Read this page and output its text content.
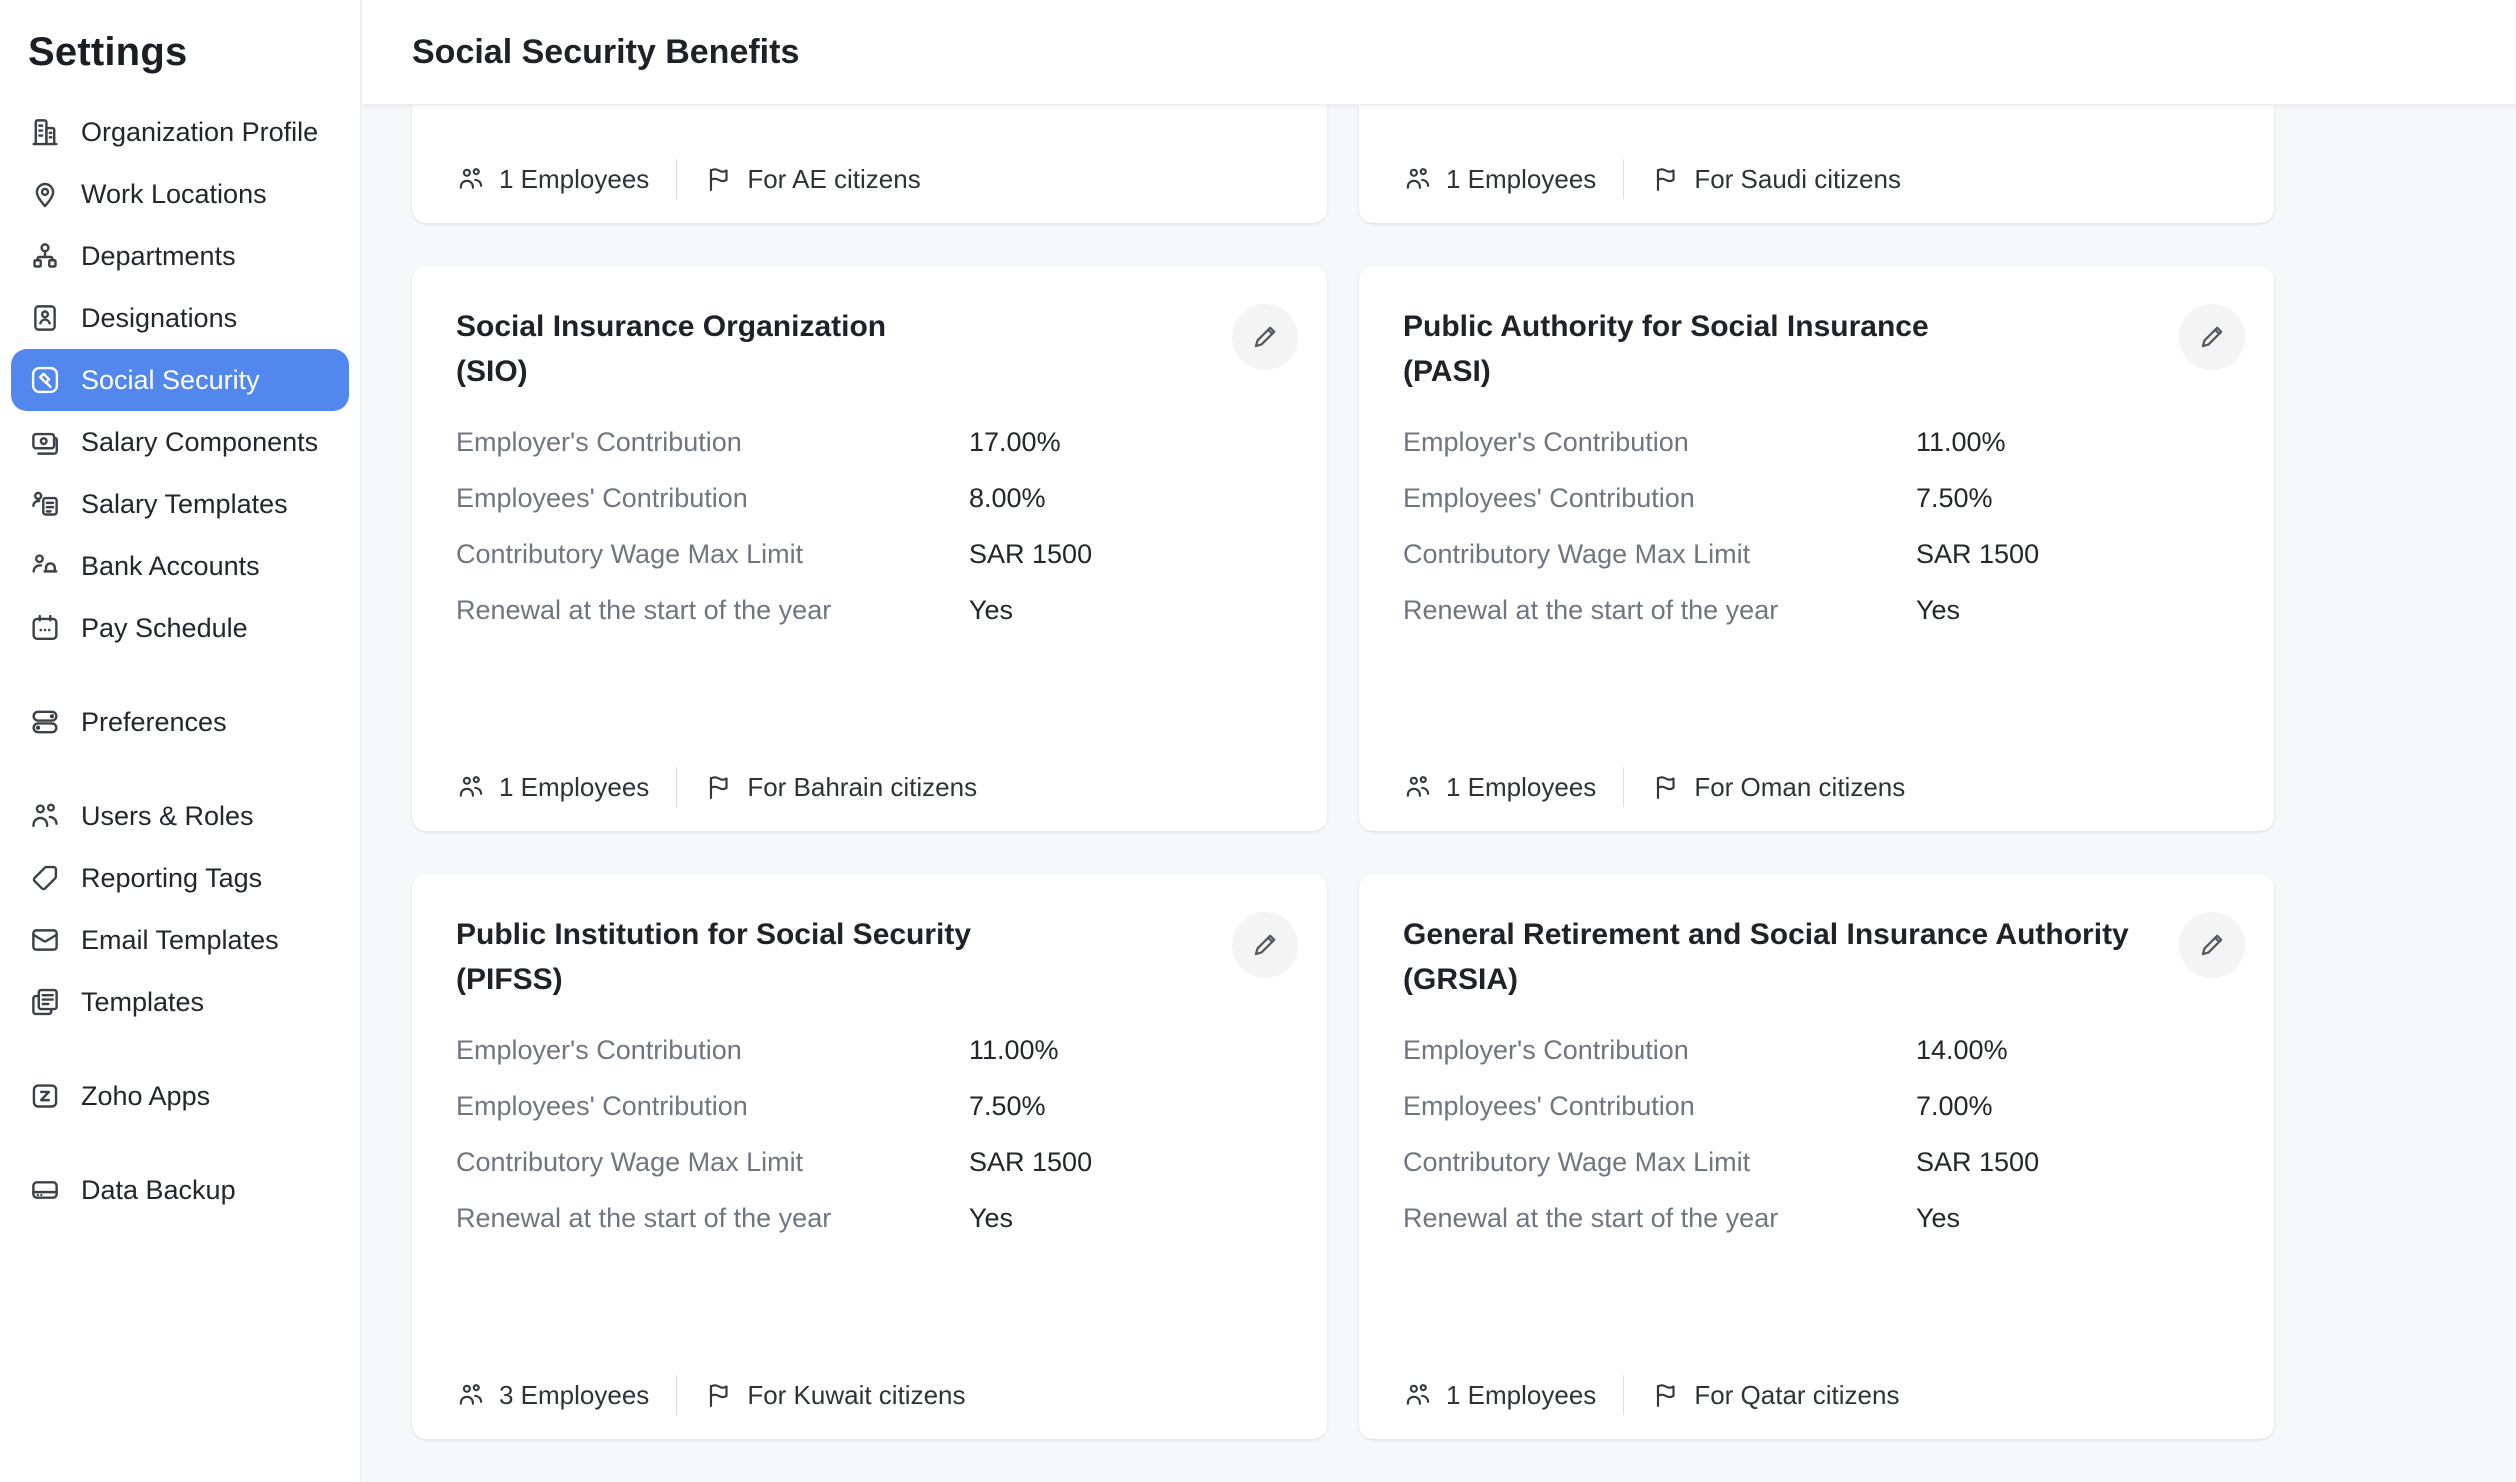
Settings
Organization Profile
Work Locations
Departments
Designations
Social Security
Salary Components
Salary Templates
Bank Accounts
Pay Schedule
Preferences
Users & Roles
Reporting Tags
Email Templates
Templates
Zoho Apps
Data Backup
Social Security Benefits
1 Employees	For AE citizens	1 Employees	For Saudi citizens
Social Insurance Organization
(SIO)
Employer's Contribution	17.00%
Employees' Contribution	8.00%
Contributory Wage Max Limit	SAR 1500
Renewal at the start of the year	Yes
1 Employees	For Bahrain citizens
Public Authority for Social Insurance
(PASI)
Employer's Contribution	11.00%
Employees' Contribution	7.50%
Contributory Wage Max Limit	SAR 1500
Renewal at the start of the year	Yes
1 Employees	For Oman citizens
Public Institution for Social Security
(PIFSS)
Employer's Contribution	11.00%
Employees' Contribution	7.50%
Contributory Wage Max Limit	SAR 1500
Renewal at the start of the year	Yes
3 Employees	For Kuwait citizens
General Retirement and Social Insurance Authority
(GRSIA)
Employer's Contribution	14.00%
Employees' Contribution	7.00%
Contributory Wage Max Limit	SAR 1500
Renewal at the start of the year	Yes
1 Employees	For Qatar citizens
